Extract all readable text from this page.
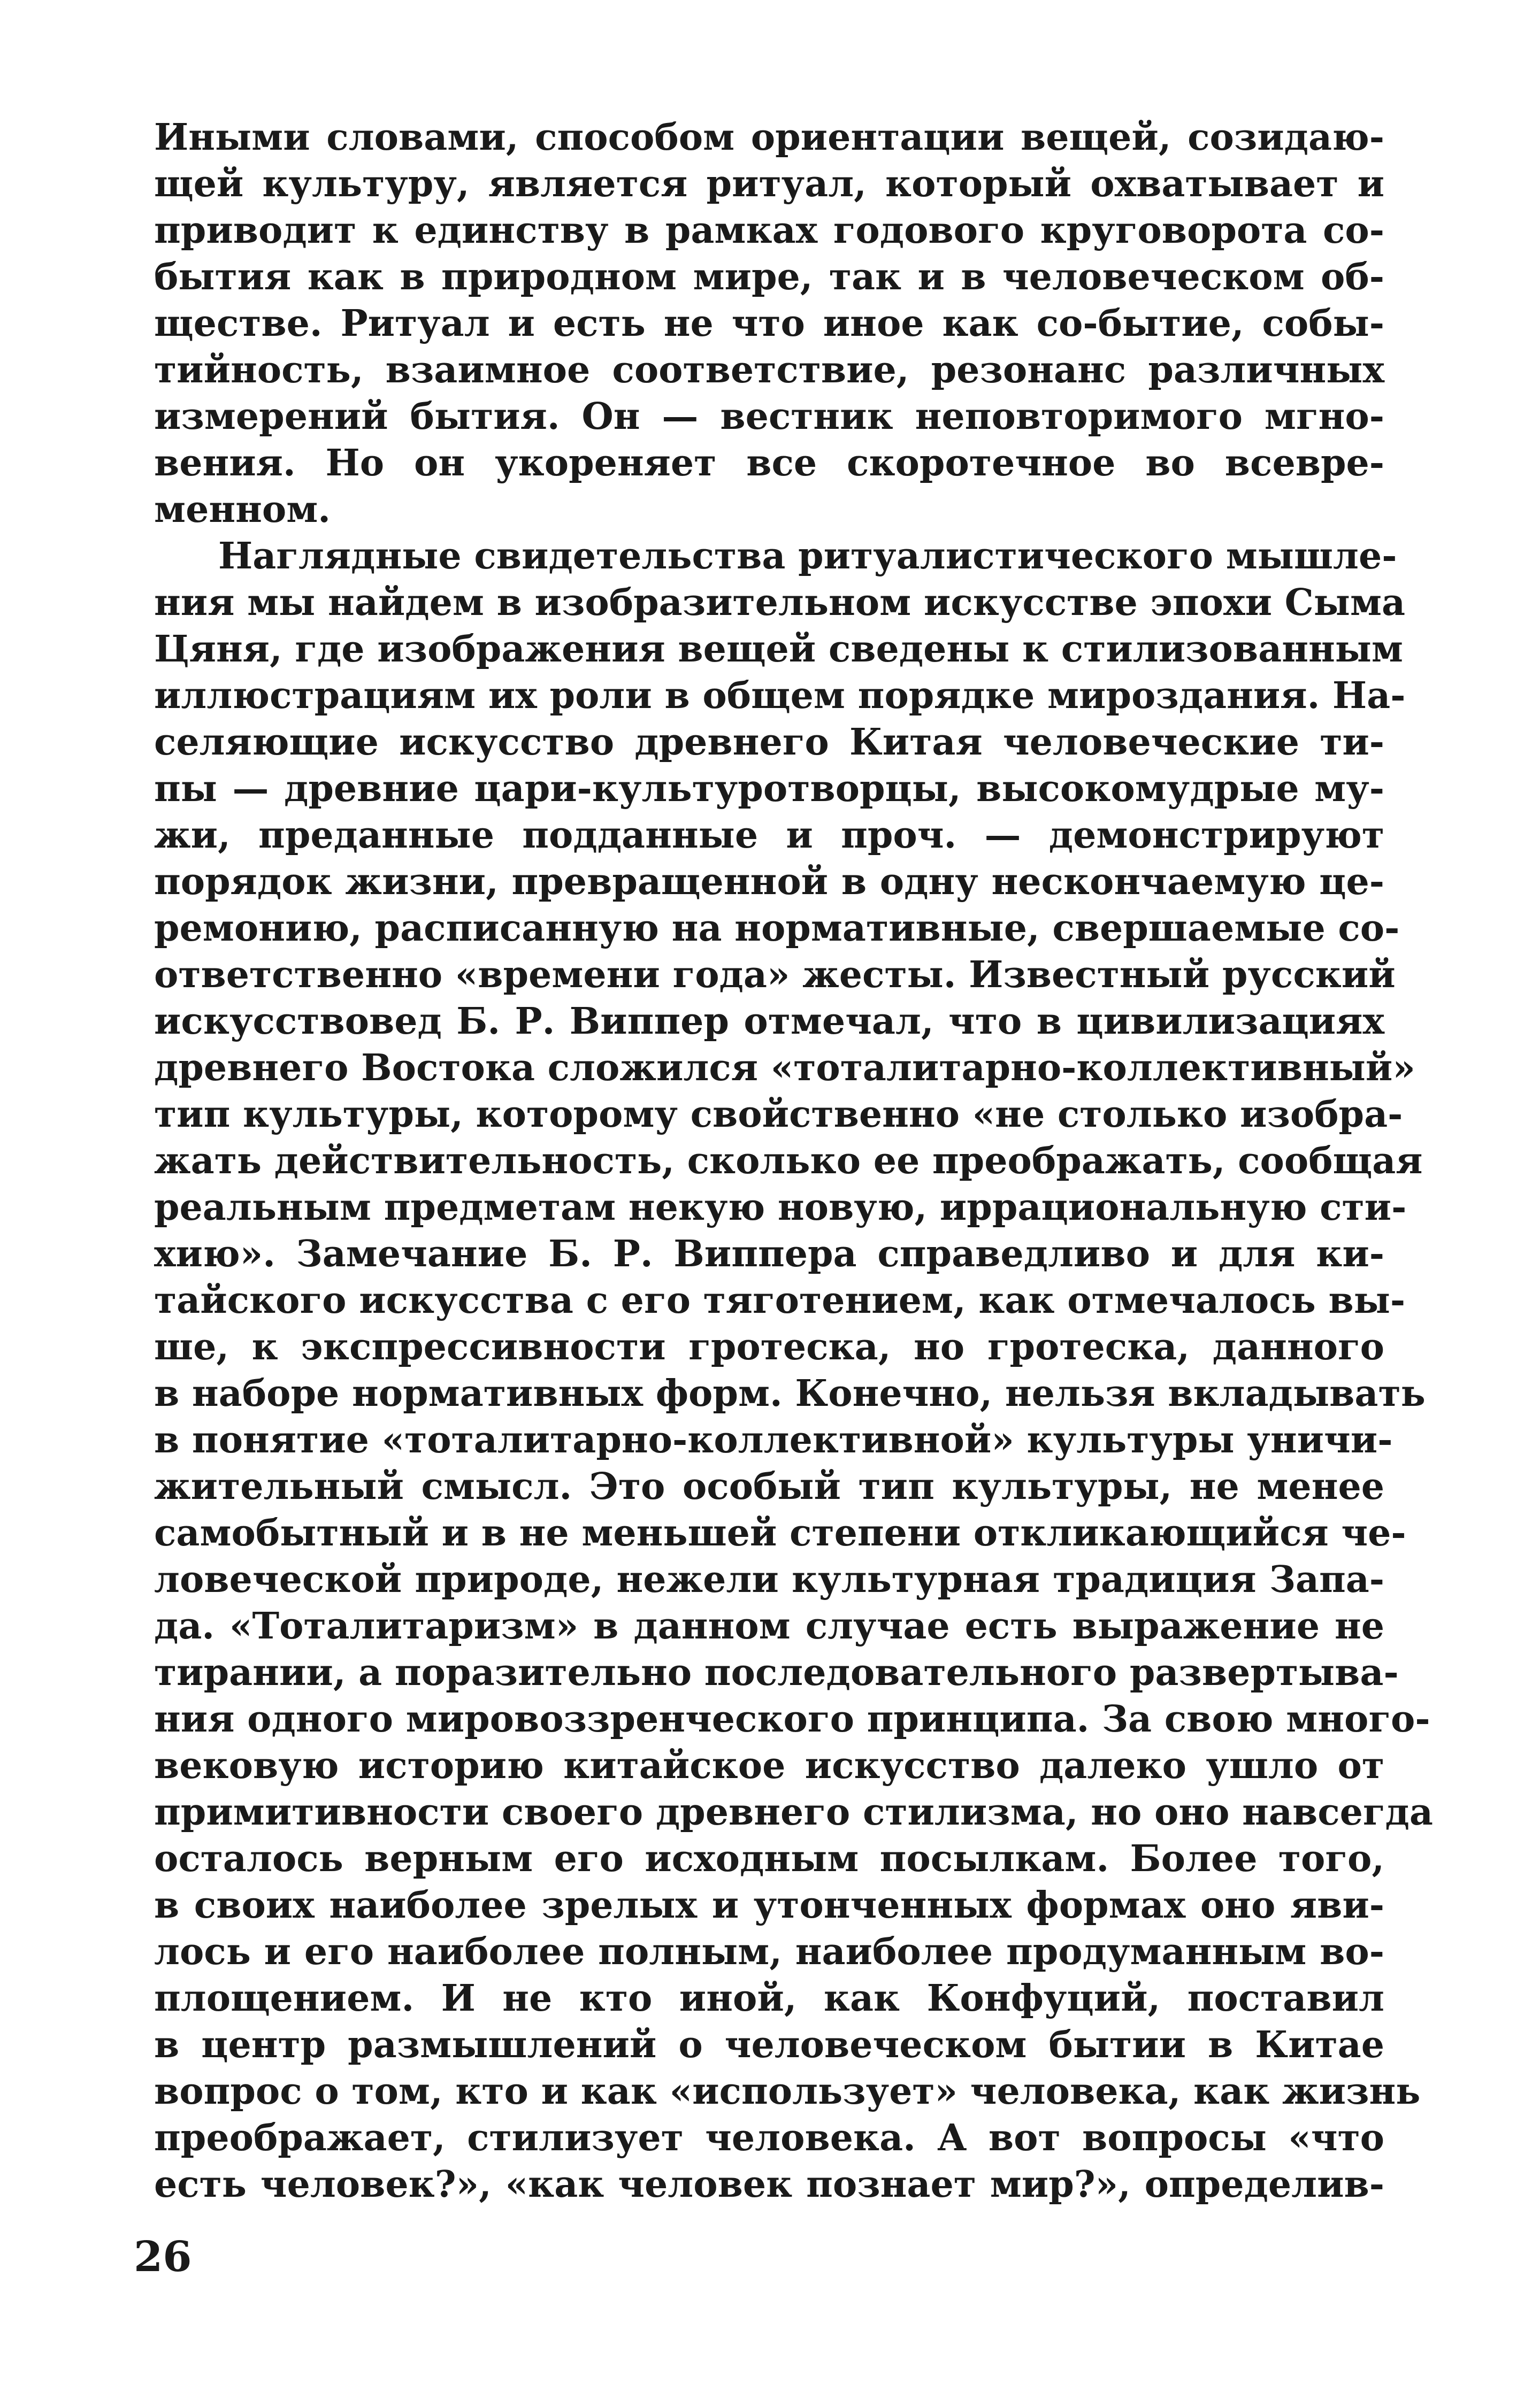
Иными словами, способом ориентации вещей, созидаю-
щей культуру, является ритуал, который охватывает и
приводит к единству в рамках годового круговорота со-
бытия как в природном мире, так и в человеческом об-
ществе. Ритуал и есть не что иное как со-бытие, собы-
тийность, взаимное соответствие, резонанс различных
измерений бытия. Он — вестник неповторимого мгно-
вения. Но он укореняет все скоротечное во всевре-
менном.
Наглядные свидетельства ритуалистического мышле-
ния мы найдем в изобразительном искусстве эпохи Сыма
Цяня, где изображения вещей сведены к стилизованным
иллюстрациям их роли в общем порядке мироздания. На-
селяющие искусство древнего Китая человеческие ти-
пы — древние цари-культуротворцы, высокомудрые му-
жи, преданные подданные и проч. — демонстрируют
порядок жизни, превращенной в одну нескончаемую це-
ремонию, расписанную на нормативные, свершаемые со-
ответственно «времени года» жесты. Известный русский
искусствовед Б. Р. Виппер отмечал, что в цивилизациях
древнего Востока сложился «тоталитарно-коллективный»
тип культуры, которому свойственно «не столько изобра-
жать действительность, сколько ее преображать, сообщая
реальным предметам некую новую, иррациональную сти-
хию». Замечание Б. Р. Виппера справедливо и для ки-
тайского искусства с его тяготением, как отмечалось вы-
ше, к экспрессивности гротеска, но гротеска, данного
в наборе нормативных форм. Конечно, нельзя вкладывать
в понятие «тоталитарно-коллективной» культуры уничи-
жительный смысл. Это особый тип культуры, не менее
самобытный и в не меньшей степени откликающийся че-
ловеческой природе, нежели культурная традиция Запа-
да. «Тоталитаризм» в данном случае есть выражение не
тирании, а поразительно последовательного развертыва-
ния одного мировоззренческого принципа. За свою много-
вековую историю китайское искусство далеко ушло от
примитивности своего древнего стилизма, но оно навсегда
осталось верным его исходным посылкам. Более того,
в своих наиболее зрелых и утонченных формах оно яви-
лось и его наиболее полным, наиболее продуманным во-
площением. И не кто иной, как Конфуций, поставил
в центр размышлений о человеческом бытии в Китае
вопрос о том, кто и как «использует» человека, как жизнь
преображает, стилизует человека. А вот вопросы «что
есть человек?», «как человек познает мир?», определив-
26
